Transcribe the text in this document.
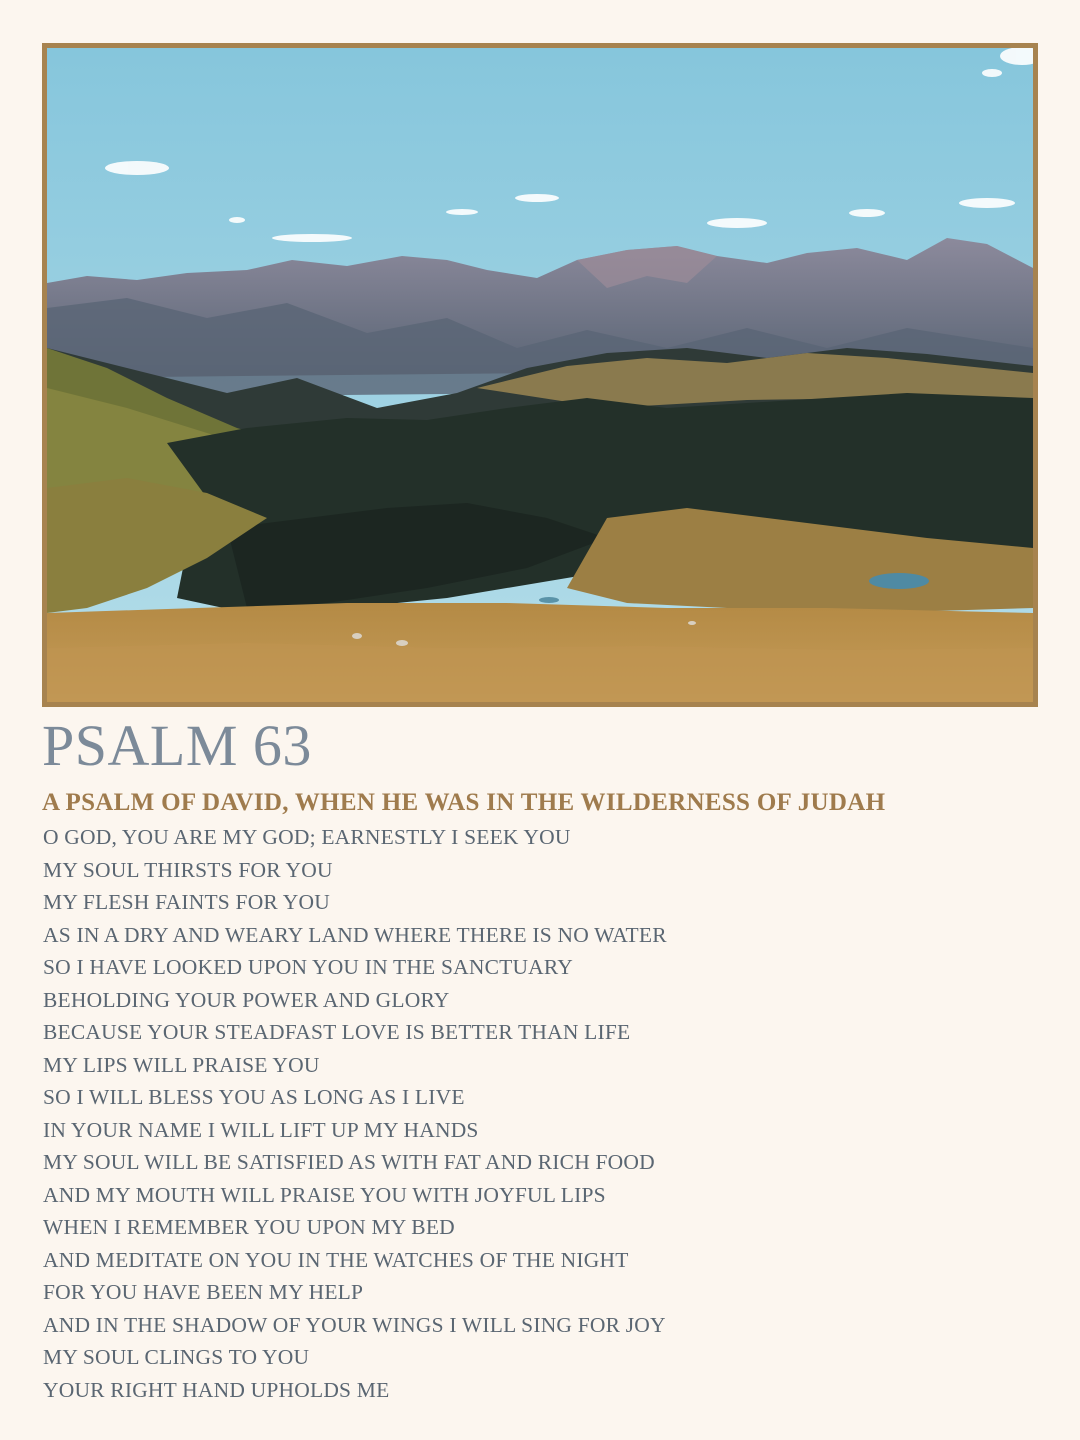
PSALM 63
A PSALM OF DAVID, WHEN HE WAS IN THE WILDERNESS OF JUDAH
O GOD, YOU ARE MY GOD; EARNESTLY I SEEK YOU
MY SOUL THIRSTS FOR YOU
MY FLESH FAINTS FOR YOU
AS IN A DRY AND WEARY LAND WHERE THERE IS NO WATER
SO I HAVE LOOKED UPON YOU IN THE SANCTUARY
BEHOLDING YOUR POWER AND GLORY
BECAUSE YOUR STEADFAST LOVE IS BETTER THAN LIFE
MY LIPS WILL PRAISE YOU
SO I WILL BLESS YOU AS LONG AS I LIVE
IN YOUR NAME I WILL LIFT UP MY HANDS
MY SOUL WILL BE SATISFIED AS WITH FAT AND RICH FOOD
AND MY MOUTH WILL PRAISE YOU WITH JOYFUL LIPS
WHEN I REMEMBER YOU UPON MY BED
AND MEDITATE ON YOU IN THE WATCHES OF THE NIGHT
FOR YOU HAVE BEEN MY HELP
AND IN THE SHADOW OF YOUR WINGS I WILL SING FOR JOY
MY SOUL CLINGS TO YOU
YOUR RIGHT HAND UPHOLDS ME
